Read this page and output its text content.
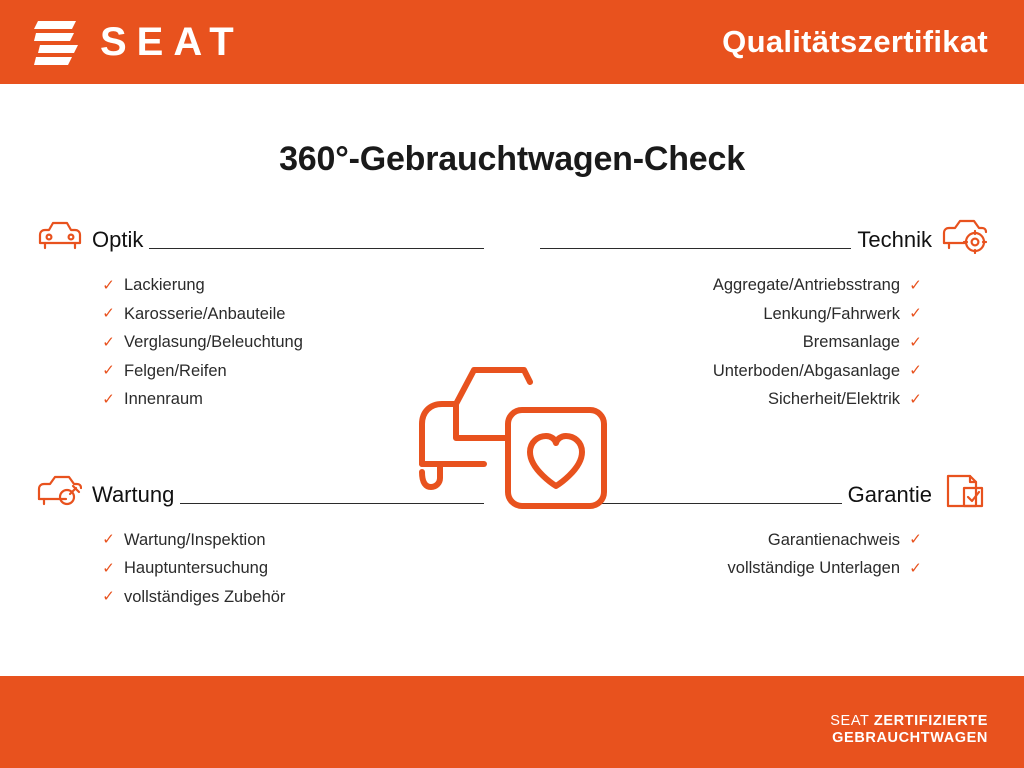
SEAT	Qualitätszertifikat
360°-Gebrauchtwagen-Check
Optik
✓ Lackierung
✓ Karosserie/Anbauteile
✓ Verglasung/Beleuchtung
✓ Felgen/Reifen
✓ Innenraum
Wartung
✓ Wartung/Inspektion
✓ Hauptuntersuchung
✓ vollständiges Zubehör
Technik
✓
Aggregate/Antriebsstrang
✓
Lenkung/Fahrwerk
✓
Bremsanlage
✓
Unterboden/Abgasanlage
✓
Sicherheit/Elektrik
Garantie
✓
Garantienachweis
✓
vollständige Unterlagen
SEAT ZERTIFIZIERTE
GEBRAUCHTWAGEN
